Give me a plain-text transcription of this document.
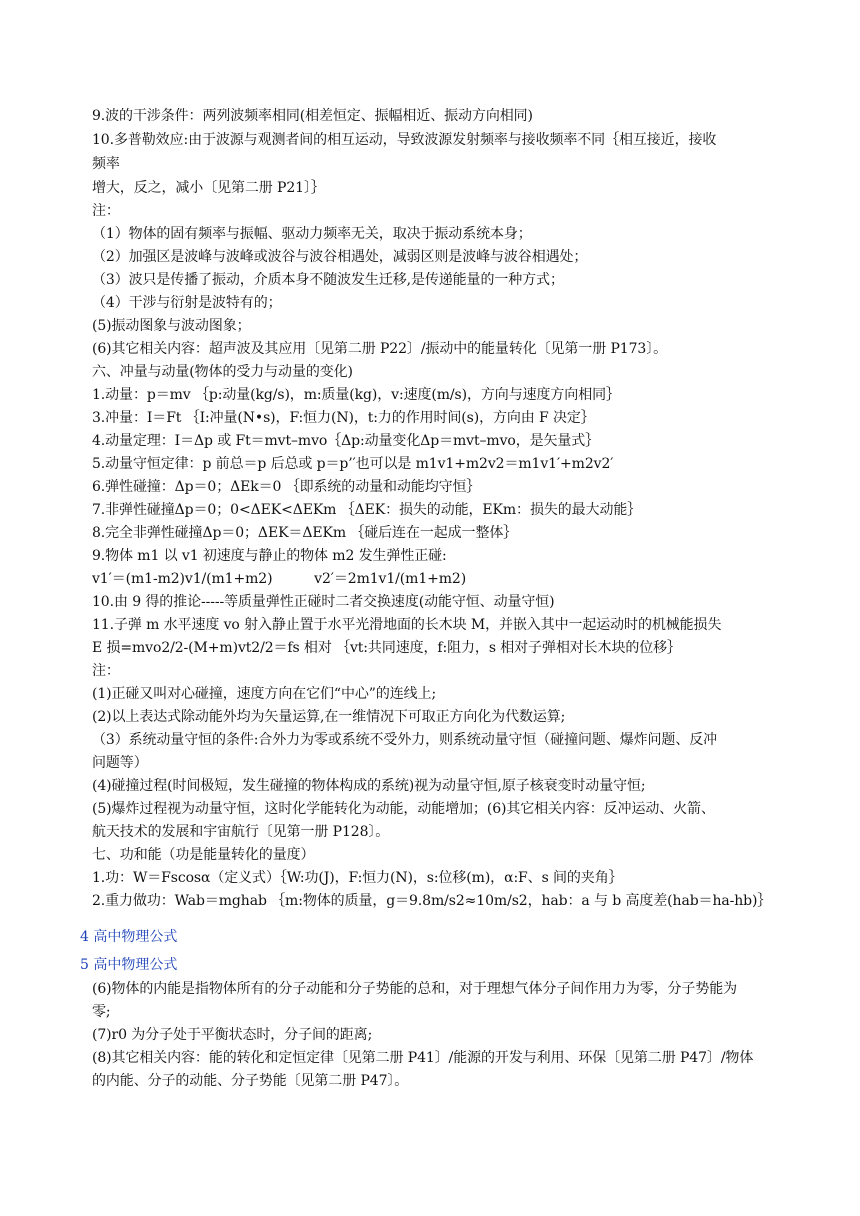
9.波的干涉条件：两列波频率相同(相差恒定、振幅相近、振动方向相同)
10.多普勒效应:由于波源与观测者间的相互运动，导致波源发射频率与接收频率不同｛相互接近，接收
频率
增大，反之，减小〔见第二册 P21〕｝
注：
（1）物体的固有频率与振幅、驱动力频率无关，取决于振动系统本身；
（2）加强区是波峰与波峰或波谷与波谷相遇处，减弱区则是波峰与波谷相遇处；
（3）波只是传播了振动，介质本身不随波发生迁移,是传递能量的一种方式；
（4）干涉与衍射是波特有的；
(5)振动图象与波动图象；
(6)其它相关内容：超声波及其应用〔见第二册 P22〕/振动中的能量转化〔见第一册 P173〕。
六、冲量与动量(物体的受力与动量的变化)
1.动量：p＝mv ｛p:动量(kg/s)，m:质量(kg)，v:速度(m/s)，方向与速度方向相同｝
3.冲量：I＝Ft ｛I:冲量(N•s)，F:恒力(N)，t:力的作用时间(s)，方向由 F 决定｝
4.动量定理：I＝Δp 或 Ft＝mvt–mvo｛Δp:动量变化Δp＝mvt–mvo，是矢量式｝
5.动量守恒定律：p 前总＝p 后总或 p＝p’′也可以是 m1v1+m2v2＝m1v1′+m2v2′
6.弹性碰撞：Δp＝0；ΔEk＝0 ｛即系统的动量和动能均守恒｝
7.非弹性碰撞Δp＝0；0<ΔEK<ΔEKm ｛ΔEK：损失的动能，EKm：损失的最大动能｝
8.完全非弹性碰撞Δp＝0；ΔEK＝ΔEKm ｛碰后连在一起成一整体｝
9.物体 m1 以 v1 初速度与静止的物体 m2 发生弹性正碰:
v1′＝(m1-m2)v1/(m1+m2)　　　v2′＝2m1v1/(m1+m2)
10.由 9 得的推论-----等质量弹性正碰时二者交换速度(动能守恒、动量守恒)
11.子弹 m 水平速度 vo 射入静止置于水平光滑地面的长木块 M，并嵌入其中一起运动时的机械能损失
E 损=mvo2/2-(M+m)vt2/2＝fs 相对 ｛vt:共同速度，f:阻力，s 相对子弹相对长木块的位移｝
注：
(1)正碰又叫对心碰撞，速度方向在它们“中心”的连线上;
(2)以上表达式除动能外均为矢量运算,在一维情况下可取正方向化为代数运算;
（3）系统动量守恒的条件:合外力为零或系统不受外力，则系统动量守恒（碰撞问题、爆炸问题、反冲
问题等）
(4)碰撞过程(时间极短，发生碰撞的物体构成的系统)视为动量守恒,原子核衰变时动量守恒;
(5)爆炸过程视为动量守恒，这时化学能转化为动能，动能增加；(6)其它相关内容：反冲运动、火箭、
航天技术的发展和宇宙航行〔见第一册 P128〕。
七、功和能（功是能量转化的量度）
1.功：W＝Fscosα（定义式）｛W:功(J)，F:恒力(N)，s:位移(m)，α:F、s 间的夹角｝
2.重力做功：Wab＝mghab ｛m:物体的质量，g＝9.8m/s2≈10m/s2，hab：a 与 b 高度差(hab＝ha-hb)｝
4 高中物理公式
5 高中物理公式
(6)物体的内能是指物体所有的分子动能和分子势能的总和，对于理想气体分子间作用力为零，分子势能为
零;
(7)r0 为分子处于平衡状态时，分子间的距离;
(8)其它相关内容：能的转化和定恒定律〔见第二册 P41〕/能源的开发与利用、环保〔见第二册 P47〕/物体
的内能、分子的动能、分子势能〔见第二册 P47〕。
